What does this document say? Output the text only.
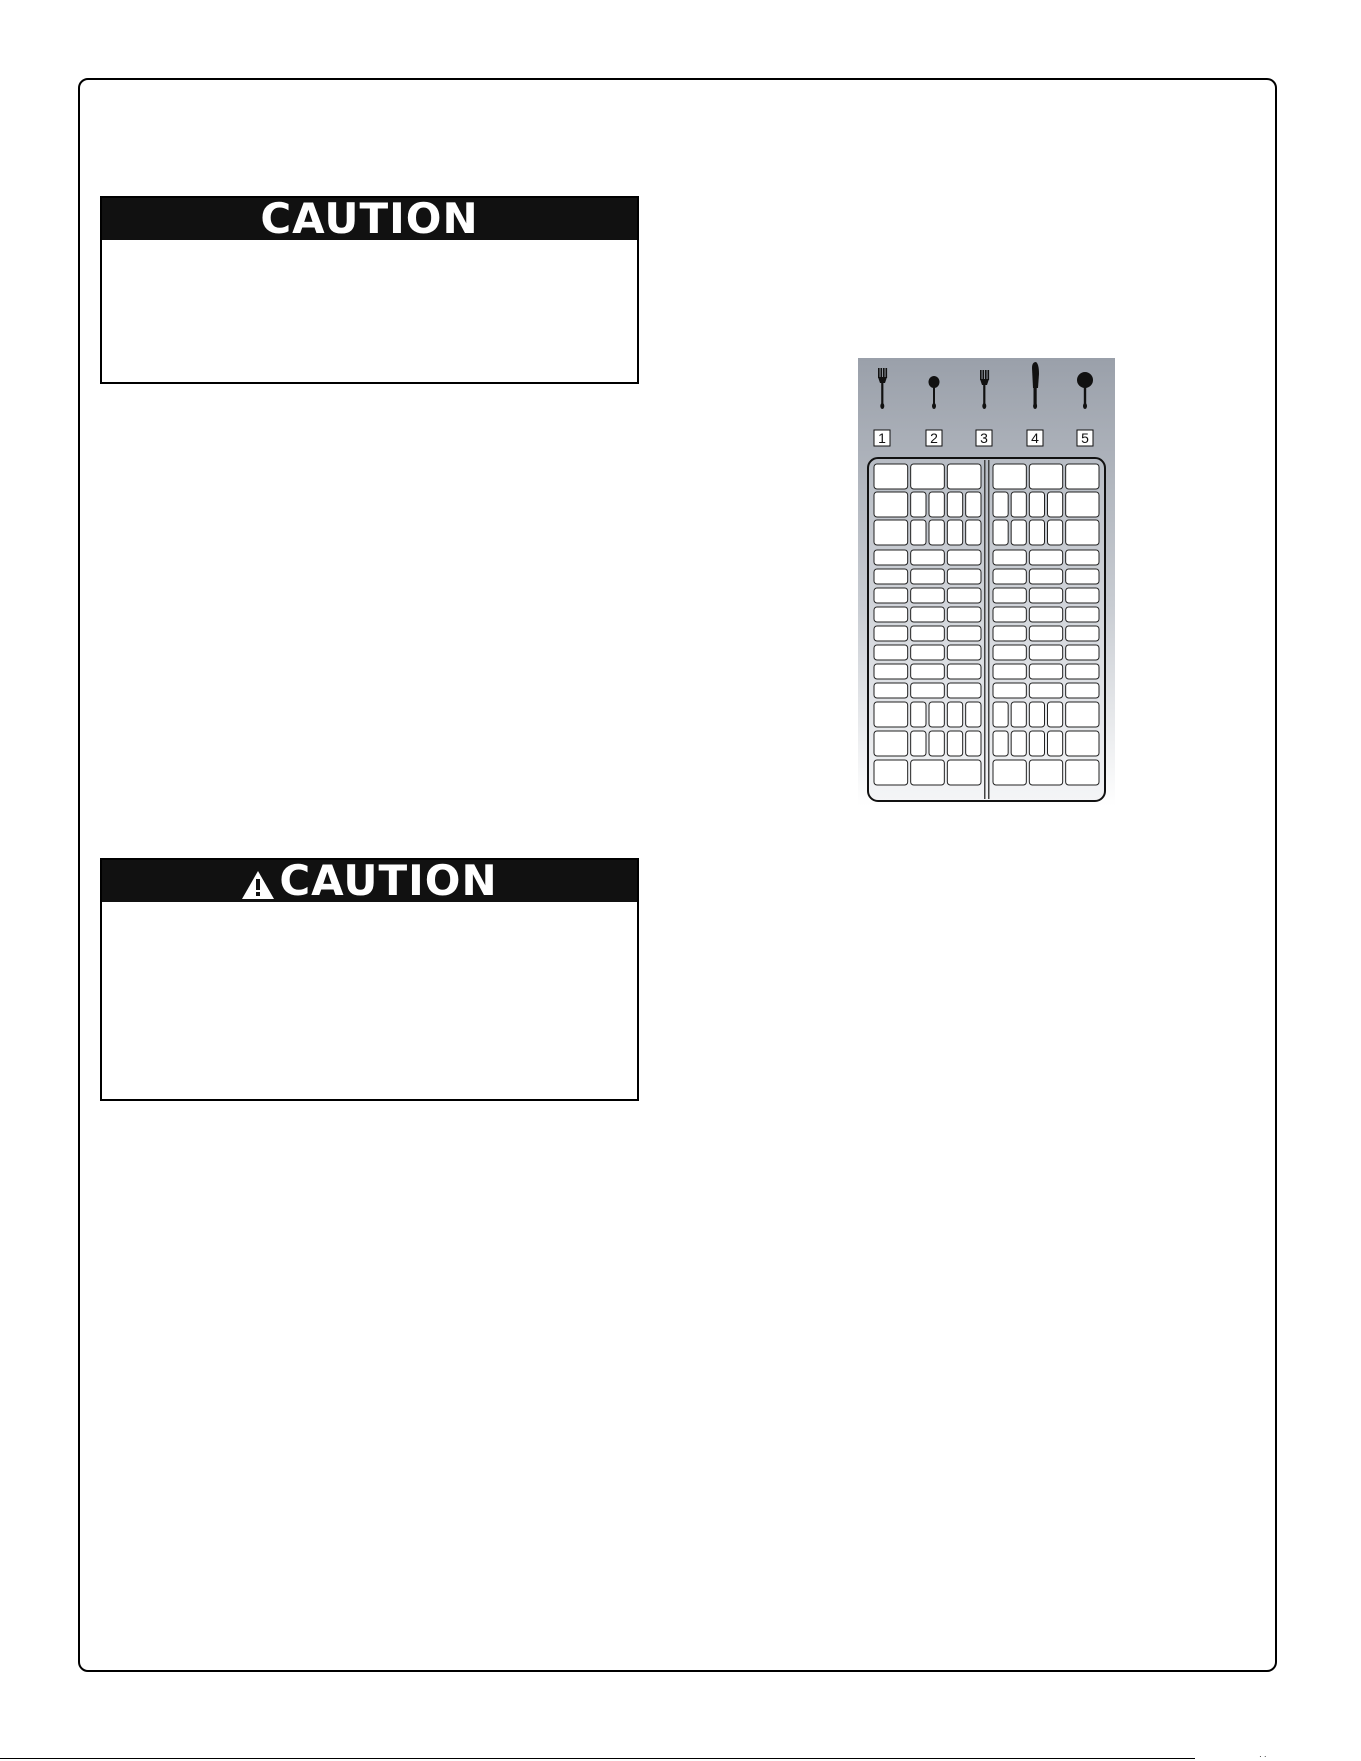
CAUTION
CAUTION
1	2	3	4	5
· ·
